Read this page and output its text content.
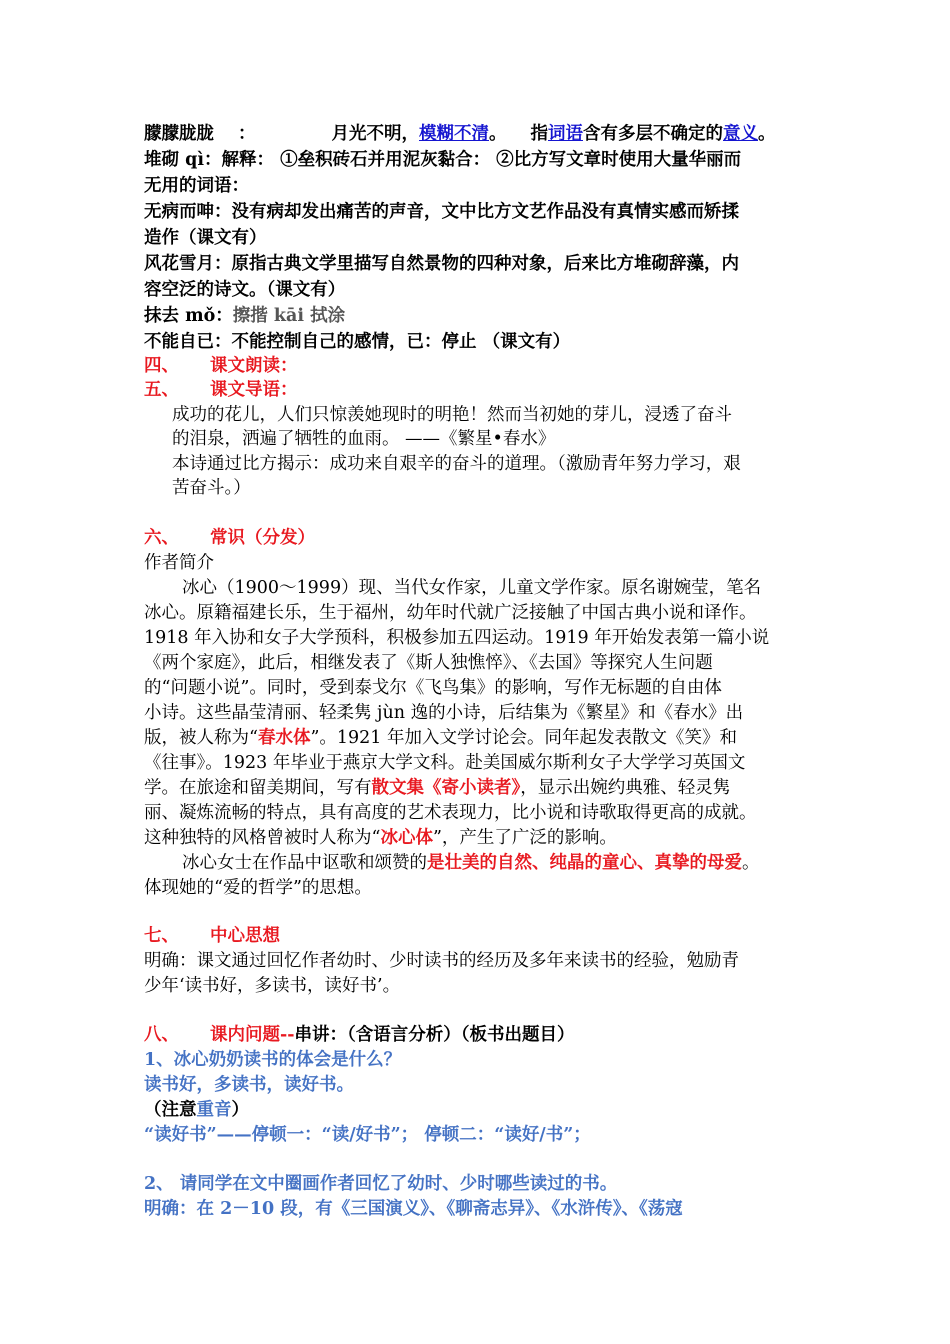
朦朦胧胧 ：	月光不明，模糊不清。 指词语含有多层不确定的意义。
堆砌 qì：解释： ①垒积砖石并用泥灰黏合： ②比方写文章时使用大量华丽而
无用的词语：
无病而呻：没有病却发出痛苦的声音，文中比方文艺作品没有真情实感而矫揉
造作（课文有）
风花雪月：原指古典文学里描写自然景物的四种对象，后来比方堆砌辞藻，内
容空泛的诗文。（课文有）
抹去 mǒ：擦揩 kāi 拭涂
不能自已：不能控制自己的感情，已：停止 （课文有）
四、 课文朗读：
五、 课文导语：
成功的花儿，人们只惊羡她现时的明艳！然而当初她的芽儿，浸透了奋斗
的泪泉，洒遍了牺牲的血雨。 ——《繁星•春水》
本诗通过比方揭示：成功来自艰辛的奋斗的道理。（激励青年努力学习，艰
苦奋斗。）
六、 常识（分发）
作者简介
冰心（1900～1999）现、当代女作家，儿童文学作家。原名谢婉莹，笔名
冰心。原籍福建长乐，生于福州，幼年时代就广泛接触了中国古典小说和译作。
1918 年入协和女子大学预科，积极参加五四运动。1919 年开始发表第一篇小说
《两个家庭》，此后，相继发表了《斯人独憔悴》、《去国》等探究人生问题
的“问题小说”。同时，受到泰戈尔《飞鸟集》的影响，写作无标题的自由体
小诗。这些晶莹清丽、轻柔隽 jùn 逸的小诗，后结集为《繁星》和《春水》出
版，被人称为“春水体”。1921 年加入文学讨论会。同年起发表散文《笑》和
《往事》。1923 年毕业于燕京大学文科。赴美国威尔斯利女子大学学习英国文
学。在旅途和留美期间，写有散文集《寄小读者》，显示出婉约典雅、轻灵隽
丽、凝炼流畅的特点，具有高度的艺术表现力，比小说和诗歌取得更高的成就。
这种独特的风格曾被时人称为“冰心体”，产生了广泛的影响。
冰心女士在作品中讴歌和颂赞的是壮美的自然、纯晶的童心、真挚的母爱。
体现她的“爱的哲学”的思想。
七、 中心思想
明确：课文通过回忆作者幼时、少时读书的经历及多年来读书的经验，勉励青
少年‘读书好，多读书，读好书’。
八、 课内问题--串讲：（含语言分析）（板书出题目）
1、冰心奶奶读书的体会是什么？
读书好，多读书，读好书。
（注意重音）
“读好书”——停顿一：“读/好书”； 停顿二：“读好/书”；
2、 请同学在文中圈画作者回忆了幼时、少时哪些读过的书。
明确：在 2－10 段，有《三国演义》、《聊斋志异》、《水浒传》、《荡寇
